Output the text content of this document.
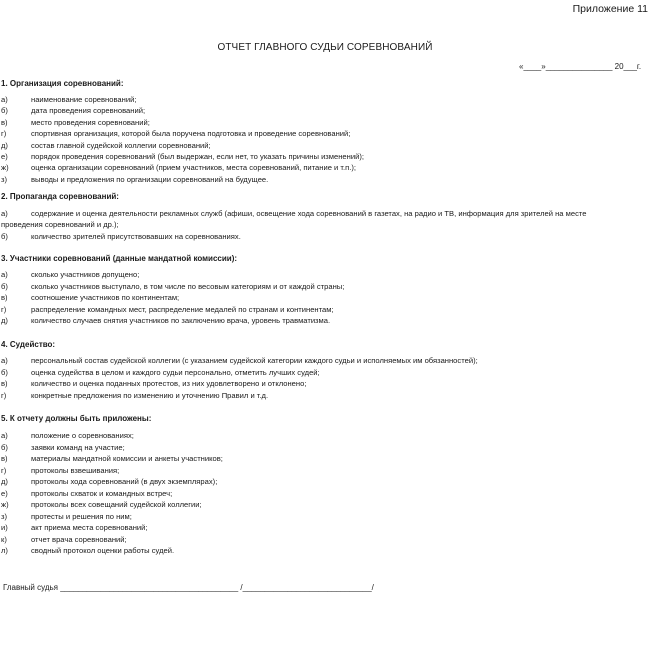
Приложение 11
ОТЧЕТ ГЛАВНОГО СУДЬИ СОРЕВНОВАНИЙ
«____»_______________ 20___г.
1. Организация соревнований:
а)	наименование соревнований;
б)	дата проведения соревнований;
в)	место проведения соревнований;
г)	спортивная организация, которой была поручена подготовка и проведение соревнований;
д)	состав главной судейской коллегии соревнований;
е)	порядок проведения соревнований (был выдержан, если нет, то указать причины изменений);
ж)	оценка организации соревнований (прием участников, места соревнований, питание и т.п.);
з)	выводы и предложения по организации соревнований на будущее.
2. Пропаганда соревнований:
а)	содержание и оценка деятельности рекламных служб (афиши, освещение хода соревнований в газетах, на радио и ТВ, информация для зрителей на месте
проведения соревнований и др.);
б)	количество зрителей присутствовавших на соревнованиях.
3. Участники соревнований (данные мандатной комиссии):
а)	сколько участников допущено;
б)	сколько участников выступало, в том числе по весовым категориям и от каждой страны;
в)	соотношение участников по континентам;
г)	распределение командных мест, распределение медалей по странам и континентам;
д)	количество случаев снятия участников по заключению врача, уровень травматизма.
4. Судейство:
а)	персональный состав судейской коллегии (с указанием судейской категории каждого судьи и исполняемых им обязанностей);
б)	оценка судейства в целом и каждого судьи персонально, отметить лучших судей;
в)	количество и оценка поданных протестов, из них удовлетворено и отклонено;
г)	конкретные предложения по изменению и уточнению Правил и т.д.
5. К отчету должны быть приложены:
а)	положение о соревнованиях;
б)	заявки команд на участие;
в)	материалы мандатной комиссии и анкеты участников;
г)	протоколы взвешивания;
д)	протоколы хода соревнований (в двух экземплярах);
е)	протоколы схваток и командных встреч;
ж)	протоколы всех совещаний судейской коллегии;
з)	протесты и решения по ним;
и)	акт приема места соревнований;
к)	отчет врача соревнований;
л)	сводный протокол оценки работы судей.
Главный судья ________________________________________ /_____________________________/
